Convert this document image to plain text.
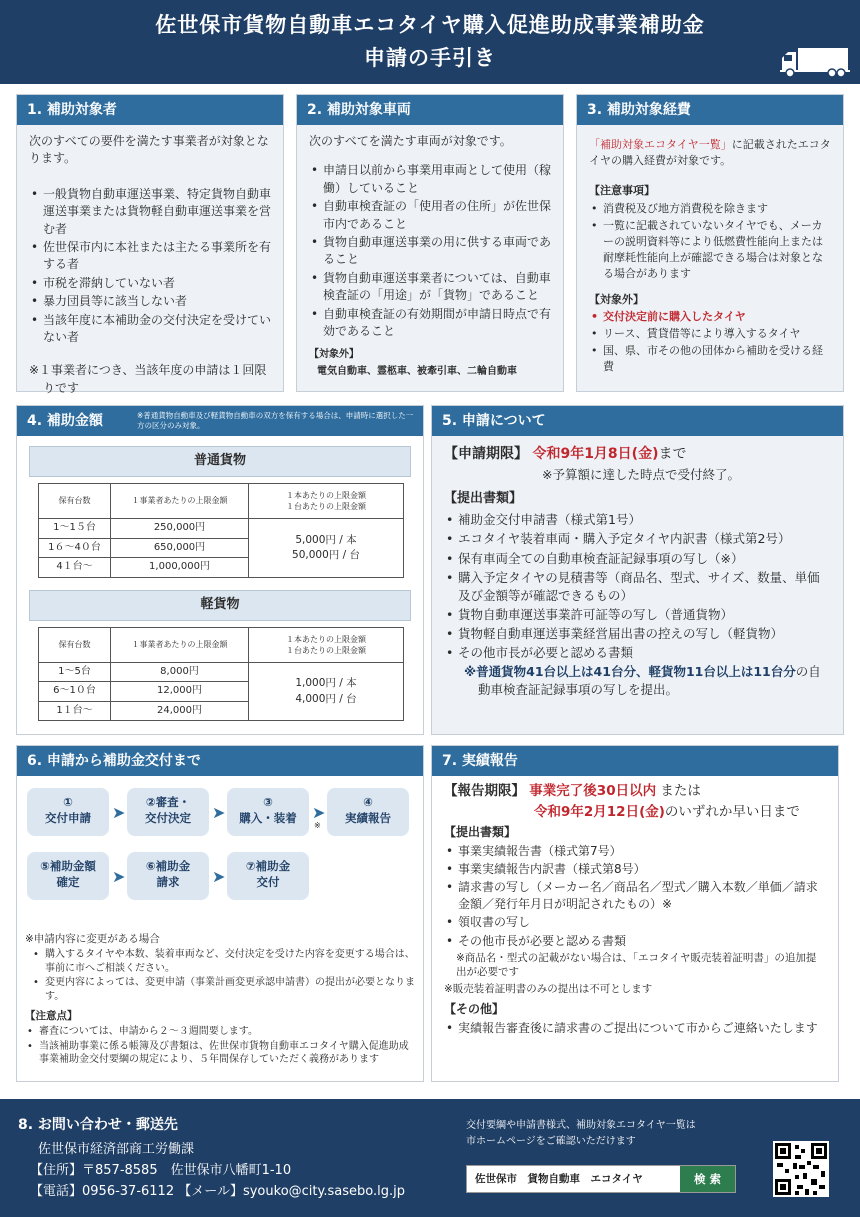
佐世保市貨物自動車エコタイヤ購入促進助成事業補助金
申請の手引き
1. 補助対象者

次のすべての要件を満たす事業者が対象となります。

• 一般貨物自動車運送事業、特定貨物自動車運送事業または貨物軽自動車運送事業を営む者
• 佐世保市内に本社または主たる事業所を有する者
• 市税を滞納していない者
• 暴力団員等に該当しない者
• 当該年度に本補助金の交付決定を受けていない者

※１事業者につき、当該年度の申請は１回限りです

2. 補助対象車両

次のすべてを満たす車両が対象です。

• 申請日以前から事業用車両として使用（稼働）していること
• 自動車検査証の「使用者の住所」が佐世保市内であること
• 貨物自動車運送事業の用に供する車両であること
• 貨物自動車運送事業者については、自動車検査証の「用途」が「貨物」であること
• 自動車検査証の有効期間が申請日時点で有効であること

【対象外】

電気自動車、霊柩車、被牽引車、二輪自動車

3. 補助対象経費

「補助対象エコタイヤ一覧」に記載されたエコタイヤの購入経費が対象です。

【注意事項】

• 消費税及び地方消費税を除きます
• 一覧に記載されていないタイヤでも、メーカーの説明資料等により低燃費性能向上または耐摩耗性能向上が確認できる場合は対象となる場合があります

【対象外】

• 交付決定前に購入したタイヤ
• リース、賃貸借等により導入するタイヤ
• 国、県、市その他の団体から補助を受ける経費
4. 補助金額	※普通貨物自動車及び軽貨物自動車の双方を保有する場合は、申請時に選択した一方の区分のみ対象。
普通貨物
保有台数	１事業者あたりの上限金額	１本あたりの上限金額
１台あたりの上限金額
1～1５台	250,000円	5,000円 / 本
50,000円 / 台
1６～4０台	650,000円	
4１台～	1,000,000円	
軽貨物
保有台数	１事業者あたりの上限金額	１本あたりの上限金額
１台あたりの上限金額
1～5台	8,000円	1,000円 / 本
4,000円 / 台
6～1０台	12,000円	
1１台～	24,000円	
5. 申請について

【申請期限】 令和9年1月8日(金)まで

※予算額に達した時点で受付終了。

【提出書類】

• 補助金交付申請書（様式第1号）
• エコタイヤ装着車両・購入予定タイヤ内訳書（様式第2号）
• 保有車両全ての自動車検査証記録事項の写し（※）
• 購入予定タイヤの見積書等（商品名、型式、サイズ、数量、単価及び金額等が確認できるもの）
• 貨物自動車運送事業許可証等の写し（普通貨物）
• 貨物軽自動車運送事業経営届出書の控えの写し（軽貨物）
• その他市長が必要と認める書類

※普通貨物41台以上は41台分、軽貨物11台以上は11台分の自動車検査証記録事項の写しを提出。

6. 申請から補助金交付まで
①
交付申請	➤
②審査・
交付決定	➤
③
購入・装着 ➤
※
④
実績報告
⑤補助金額
確定	➤
⑥補助金
請求	➤
⑦補助金
交付

※申請内容に変更がある場合

• 購入するタイヤや本数、装着車両など、交付決定を受けた内容を変更する場合は、事前に市へご相談ください。
• 変更内容によっては、変更申請（事業計画変更承認申請書）の提出が必要となります。

【注意点】

• 審査については、申請から２～３週間要します。
• 当該補助事業に係る帳簿及び書類は、佐世保市貨物自動車エコタイヤ購入促進助成事業補助金交付要綱の規定により、５年間保存していただく義務があります
7. 実績報告

【報告期限】 事業完了後30日以内 または

令和9年2月12日(金)のいずれか早い日まで

【提出書類】

• 事業実績報告書（様式第7号）
• 事業実績報告内訳書（様式第8号）
• 請求書の写し（メーカー名／商品名／型式／購入本数／単価／請求金額／発行年月日が明記されたもの）※
• 領収書の写し
• その他市長が必要と認める書類

※商品名・型式の記載がない場合は、「エコタイヤ販売装着証明書」の追加提出が必要です

※販売装着証明書のみの提出は不可とします

【その他】

• 実績報告審査後に請求書のご提出について市からご連絡いたします
8. お問い合わせ・郵送先
佐世保市経済部商工労働課
【住所】〒857-8585　佐世保市八幡町1-10
【電話】0956-37-6112 【メール】syouko@city.sasebo.lg.jp
交付要綱や申請書様式、補助対象エコタイヤ一覧は
市ホームページをご確認いただけます
佐世保市　貨物自動車　エコタイヤ	検 索
